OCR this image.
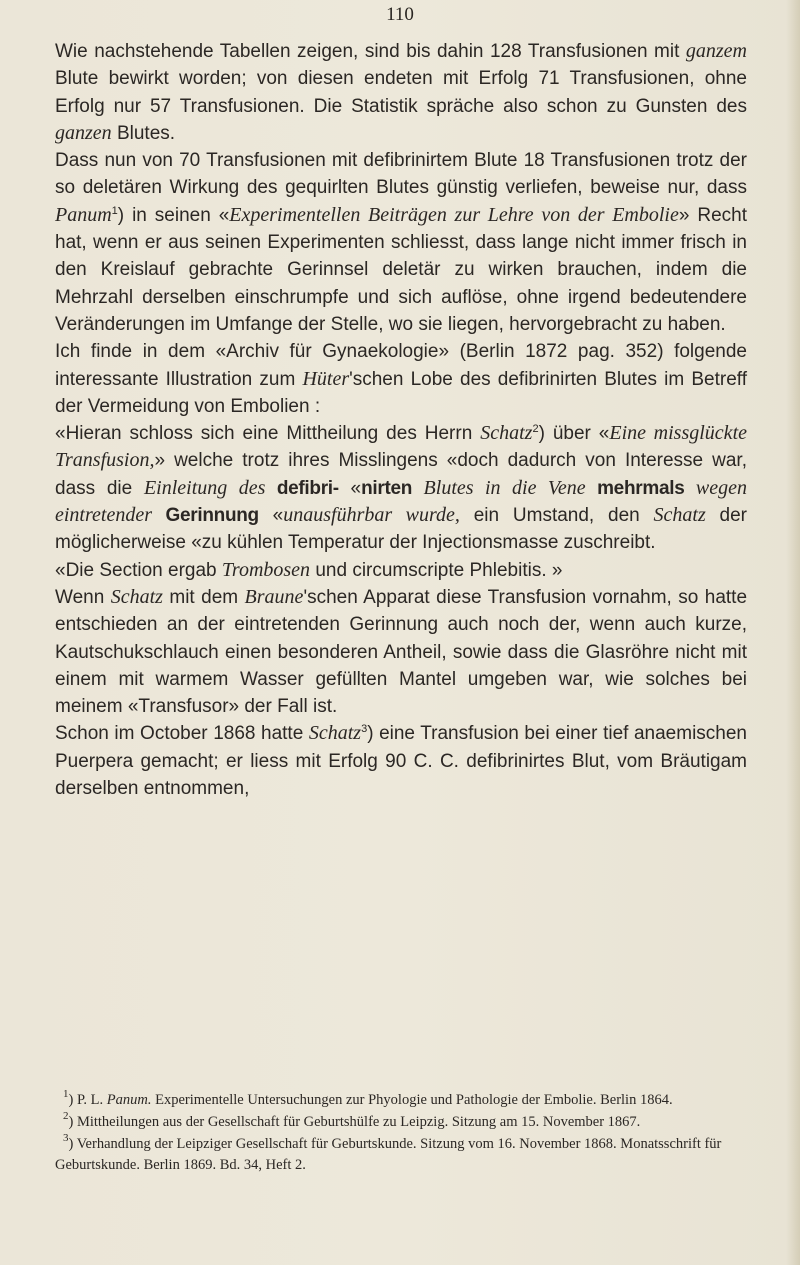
110

Wie nachstehende Tabellen zeigen, sind bis dahin 128 Transfusionen mit ganzem Blute bewirkt worden; von diesen endeten mit Erfolg 71 Transfusionen, ohne Erfolg nur 57 Transfusionen. Die Statistik spräche also schon zu Gunsten des ganzen Blutes.

Dass nun von 70 Transfusionen mit defibrinirtem Blute 18 Transfusionen trotz der so deletären Wirkung des gequirlten Blutes günstig verliefen, beweise nur, dass Panum$^1$) in seinen «Experimentellen Beiträgen zur Lehre von der Embolie» Recht hat, wenn er aus seinen Experimenten schliesst, dass lange nicht immer frisch in den Kreislauf gebrachte Gerinnsel deletär zu wirken brauchen, indem die Mehrzahl derselben einschrumpfe und sich auflöse, ohne irgend bedeutendere Veränderungen im Umfange der Stelle, wo sie liegen, hervorgebracht zu haben.

Ich finde in dem «Archiv für Gynaekologie» (Berlin 1872 pag. 352) folgende interessante Illustration zum Hüter'schen Lobe des defibrinirten Blutes im Betreff der Vermeidung von Embolien :

«Hieran schloss sich eine Mittheilung des Herrn Schatz$^2$) über «Eine missglückte Transfusion,» welche trotz ihres Misslingens «doch dadurch von Interesse war, dass die Einleitung des defibri- «nirten Blutes in die Vene mehrmals wegen eintretender Gerinnung «unausführbar wurde, ein Umstand, den Schatz der möglicherweise «zu kühlen Temperatur der Injectionsmasse zuschreibt.

«Die Section ergab Trombosen und circumscripte Phlebitis. »

Wenn Schatz mit dem Braune'schen Apparat diese Transfusion vornahm, so hatte entschieden an der eintretenden Gerinnung auch noch der, wenn auch kurze, Kautschukschlauch einen besonderen Antheil, sowie dass die Glasröhre nicht mit einem mit warmem Wasser gefüllten Mantel umgeben war, wie solches bei meinem «Transfusor» der Fall ist.

Schon im October 1868 hatte Schatz$^3$) eine Transfusion bei einer tief anaemischen Puerpera gemacht; er liess mit Erfolg 90 C. C. defibrinirtes Blut, vom Bräutigam derselben entnommen,

$^1$) P. L. Panum. Experimentelle Untersuchungen zur Phyologie und Pathologie der Embolie. Berlin 1864.

$^2$) Mittheilungen aus der Gesellschaft für Geburtshülfe zu Leipzig. Sitzung am 15. November 1867.

$^3$) Verhandlung der Leipziger Gesellschaft für Geburtskunde. Sitzung vom 16. November 1868. Monatsschrift für Geburtskunde. Berlin 1869. Bd. 34, Heft 2.
